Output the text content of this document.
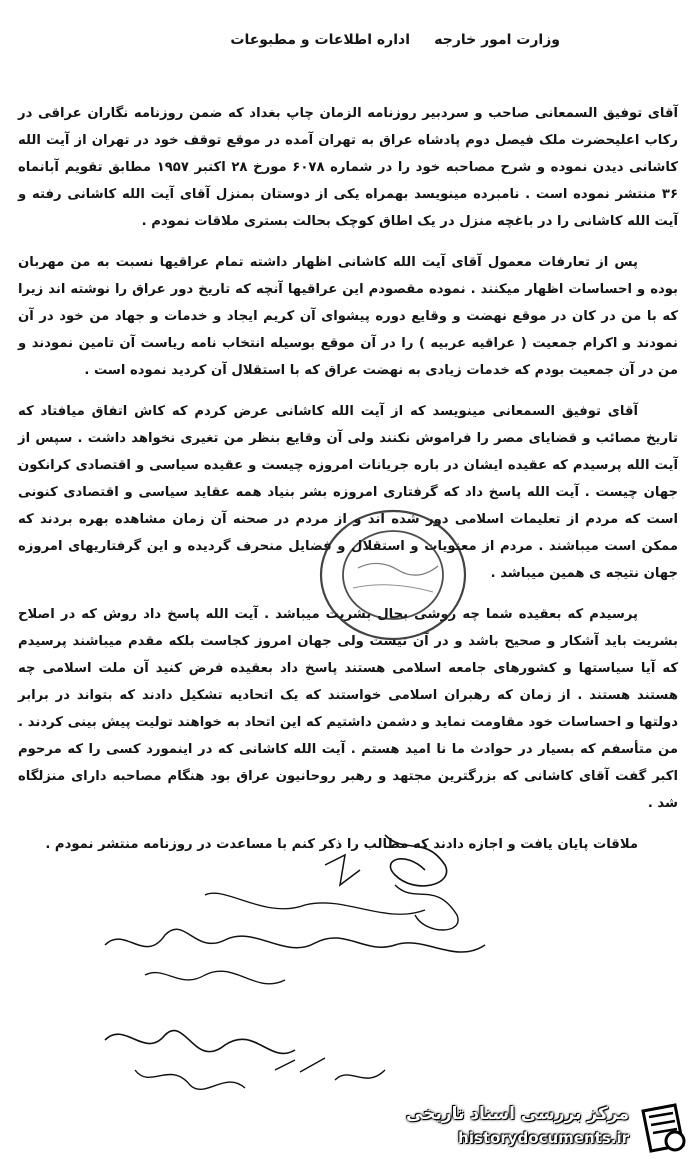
وزارت امور خارجه
اداره اطلاعات و مطبوعات

آقای توفیق السمعانی صاحب و سردبیر روزنامه الزمان چاپ بغداد که ضمن روزنامه نگاران عراقی در رکاب اعلیحضرت ملک فیصل دوم پادشاه عراق به تهران آمده در موقع توقف خود در تهران از آیت الله کاشانی دیدن نموده و شرح مصاحبه خود را در شماره ۶۰۷۸ مورخ ۲۸ اکتبر ۱۹۵۷ مطابق تقویم آبانماه ۳۶ منتشر نموده است . نامبرده مینویسد بهمراه یکی از دوستان بمنزل آقای آیت الله کاشانی رفته و آیت الله کاشانی را در باغچه منزل در یک اطاق کوچک بحالت بستری ملاقات نمودم .

پس از تعارفات معمول آقای آیت الله کاشانی اظهار داشته تمام عراقیها نسبت به من مهربان بوده و احساسات اظهار میکنند . نموده مقصودم این عراقیها آنچه که تاریخ دور عراق را نوشته اند زیرا که با من در کان در موقع نهضت و وقایع دوره پیشوای آن کریم ایجاد و خدمات و جهاد من خود در آن نمودند و اکرام جمعیت ( عراقیه عربیه ) را در آن موقع بوسیله انتخاب نامه ریاست آن تامین نمودند و من در آن جمعیت بودم که خدمات زیادی به نهضت عراق که با استقلال آن کردید نموده است .

آقای توفیق السمعانی مینویسد که از آیت الله کاشانی عرض کردم که کاش اتفاق میافتاد که تاریخ مصائب و قضایای مصر را فراموش نکنند ولی آن وقایع بنظر من تغیری نخواهد داشت . سپس از آیت الله پرسیدم که عقیده ایشان در باره جریانات امروزه چیست و عقیده سیاسی و اقتصادی کرانکون جهان چیست . آیت الله پاسخ داد که گرفتاری امروزه بشر بنیاد همه عقاید سیاسی و اقتصادی کنونی است که مردم از تعلیمات اسلامی دور شده اند و از مردم در صحنه آن زمان مشاهده بهره بردند که ممکن است میباشند . مردم از معنویات و استقلال و فضایل منحرف گردیده و این گرفتاریهای امروزه جهان نتیجه ی همین میباشد .

پرسیدم که بعقیده شما چه روشی بحال بشریت میباشد . آیت الله پاسخ داد روش که در اصلاح بشریت باید آشکار و صحیح باشد و در آن نیست ولی جهان امروز کجاست بلکه مقدم میباشند پرسیدم که آیا سیاستها و کشورهای جامعه اسلامی هستند پاسخ داد بعقیده فرض کنید آن ملت اسلامی چه هستند هستند . از زمان که رهبران اسلامی خواستند که یک اتحادیه تشکیل دادند که بتواند در برابر دولتها و احساسات خود مقاومت نماید و دشمن داشتیم که این اتحاد به خواهند تولیت پیش بینی کردند . من متأسفم که بسیار در حوادث ما نا امید هستم . آیت الله کاشانی که در اینمورد کسی را که مرحوم اکبر گفت آقای کاشانی که بزرگترین مجتهد و رهبر روحانیون عراق بود هنگام مصاحبه دارای منزلگاه شد .

ملاقات پایان یافت و اجازه دادند که مطالب را ذکر کنم با مساعدت در روزنامه منتشر نمودم .

مرکز بررسی اسناد تاریخی
historydocuments.ir
